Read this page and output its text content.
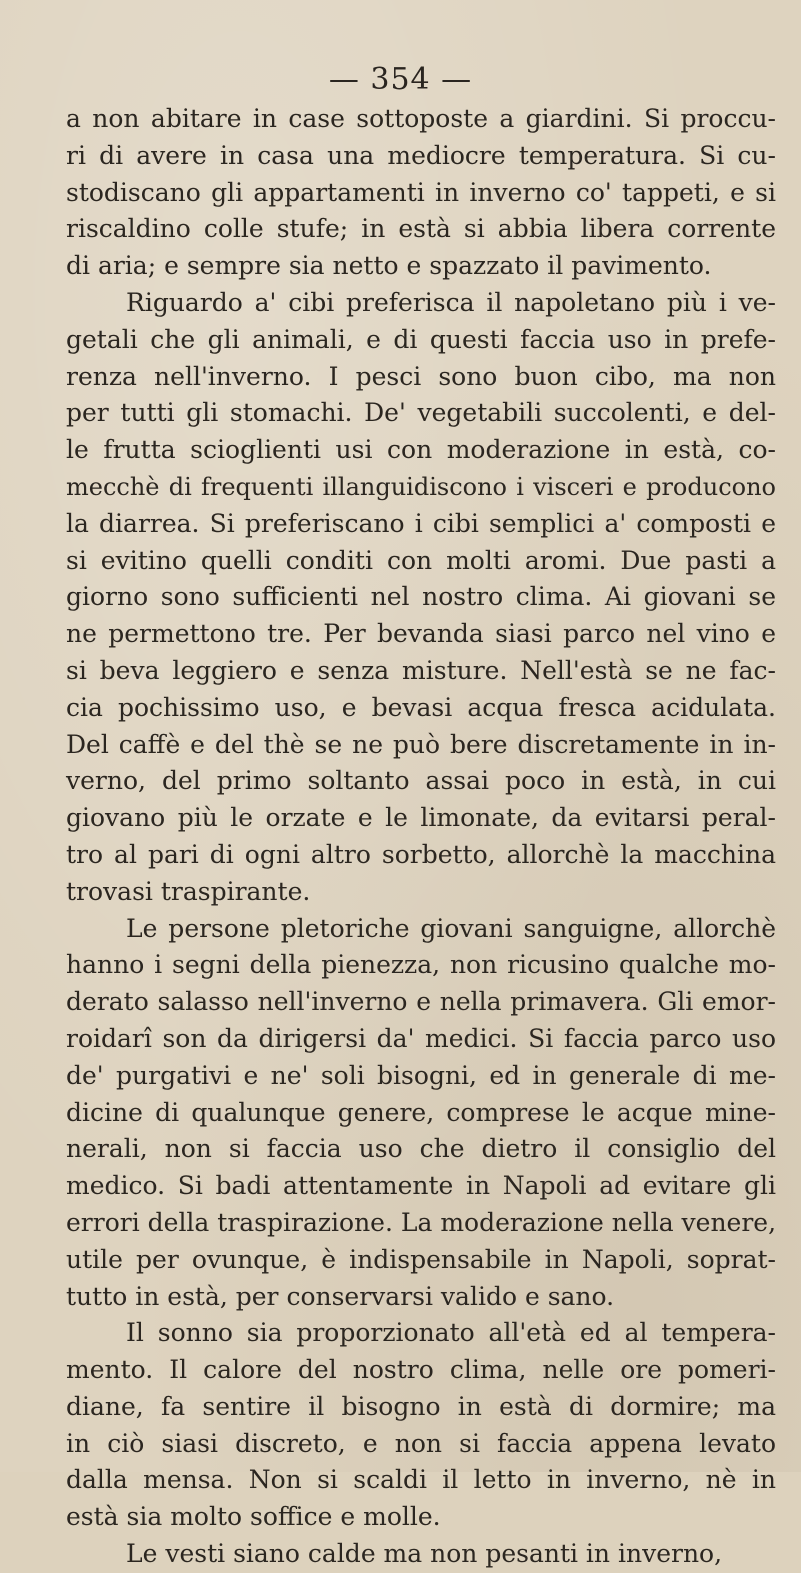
— 354 —
a non abitare in case sottoposte a giardini. Si proccu-
ri di avere in casa una mediocre temperatura. Si cu-
stodiscano gli appartamenti in inverno co' tappeti, e si
riscaldino colle stufe; in està si abbia libera corrente
di aria; e sempre sia netto e spazzato il pavimento.
Riguardo a' cibi preferisca il napoletano più i ve-
getali che gli animali, e di questi faccia uso in prefe-
renza nell'inverno. I pesci sono buon cibo, ma non
per tutti gli stomachi. De' vegetabili succolenti, e del-
le frutta scioglienti usi con moderazione in està, co-
mecchè di frequenti illanguidiscono i visceri e producono
la diarrea. Si preferiscano i cibi semplici a' composti e
si evitino quelli conditi con molti aromi. Due pasti a
giorno sono sufficienti nel nostro clima. Ai giovani se
ne permettono tre. Per bevanda siasi parco nel vino e
si beva leggiero e senza misture. Nell'està se ne fac-
cia pochissimo uso, e bevasi acqua fresca acidulata.
Del caffè e del thè se ne può bere discretamente in in-
verno, del primo soltanto assai poco in està, in cui
giovano più le orzate e le limonate, da evitarsi peral-
tro al pari di ogni altro sorbetto, allorchè la macchina
trovasi traspirante.
Le persone pletoriche giovani sanguigne, allorchè
hanno i segni della pienezza, non ricusino qualche mo-
derato salasso nell'inverno e nella primavera. Gli emor-
roidarî son da dirigersi da' medici. Si faccia parco uso
de' purgativi e ne' soli bisogni, ed in generale di me-
dicine di qualunque genere, comprese le acque mine-
nerali, non si faccia uso che dietro il consiglio del
medico. Si badi attentamente in Napoli ad evitare gli
errori della traspirazione. La moderazione nella venere,
utile per ovunque, è indispensabile in Napoli, soprat-
tutto in està, per conservarsi valido e sano.
Il sonno sia proporzionato all'età ed al tempera-
mento. Il calore del nostro clima, nelle ore pomeri-
diane, fa sentire il bisogno in està di dormire; ma
in ciò siasi discreto, e non si faccia appena levato
dalla mensa. Non si scaldi il letto in inverno, nè in
està sia molto soffice e molle.
Le vesti siano calde ma non pesanti in inverno,
